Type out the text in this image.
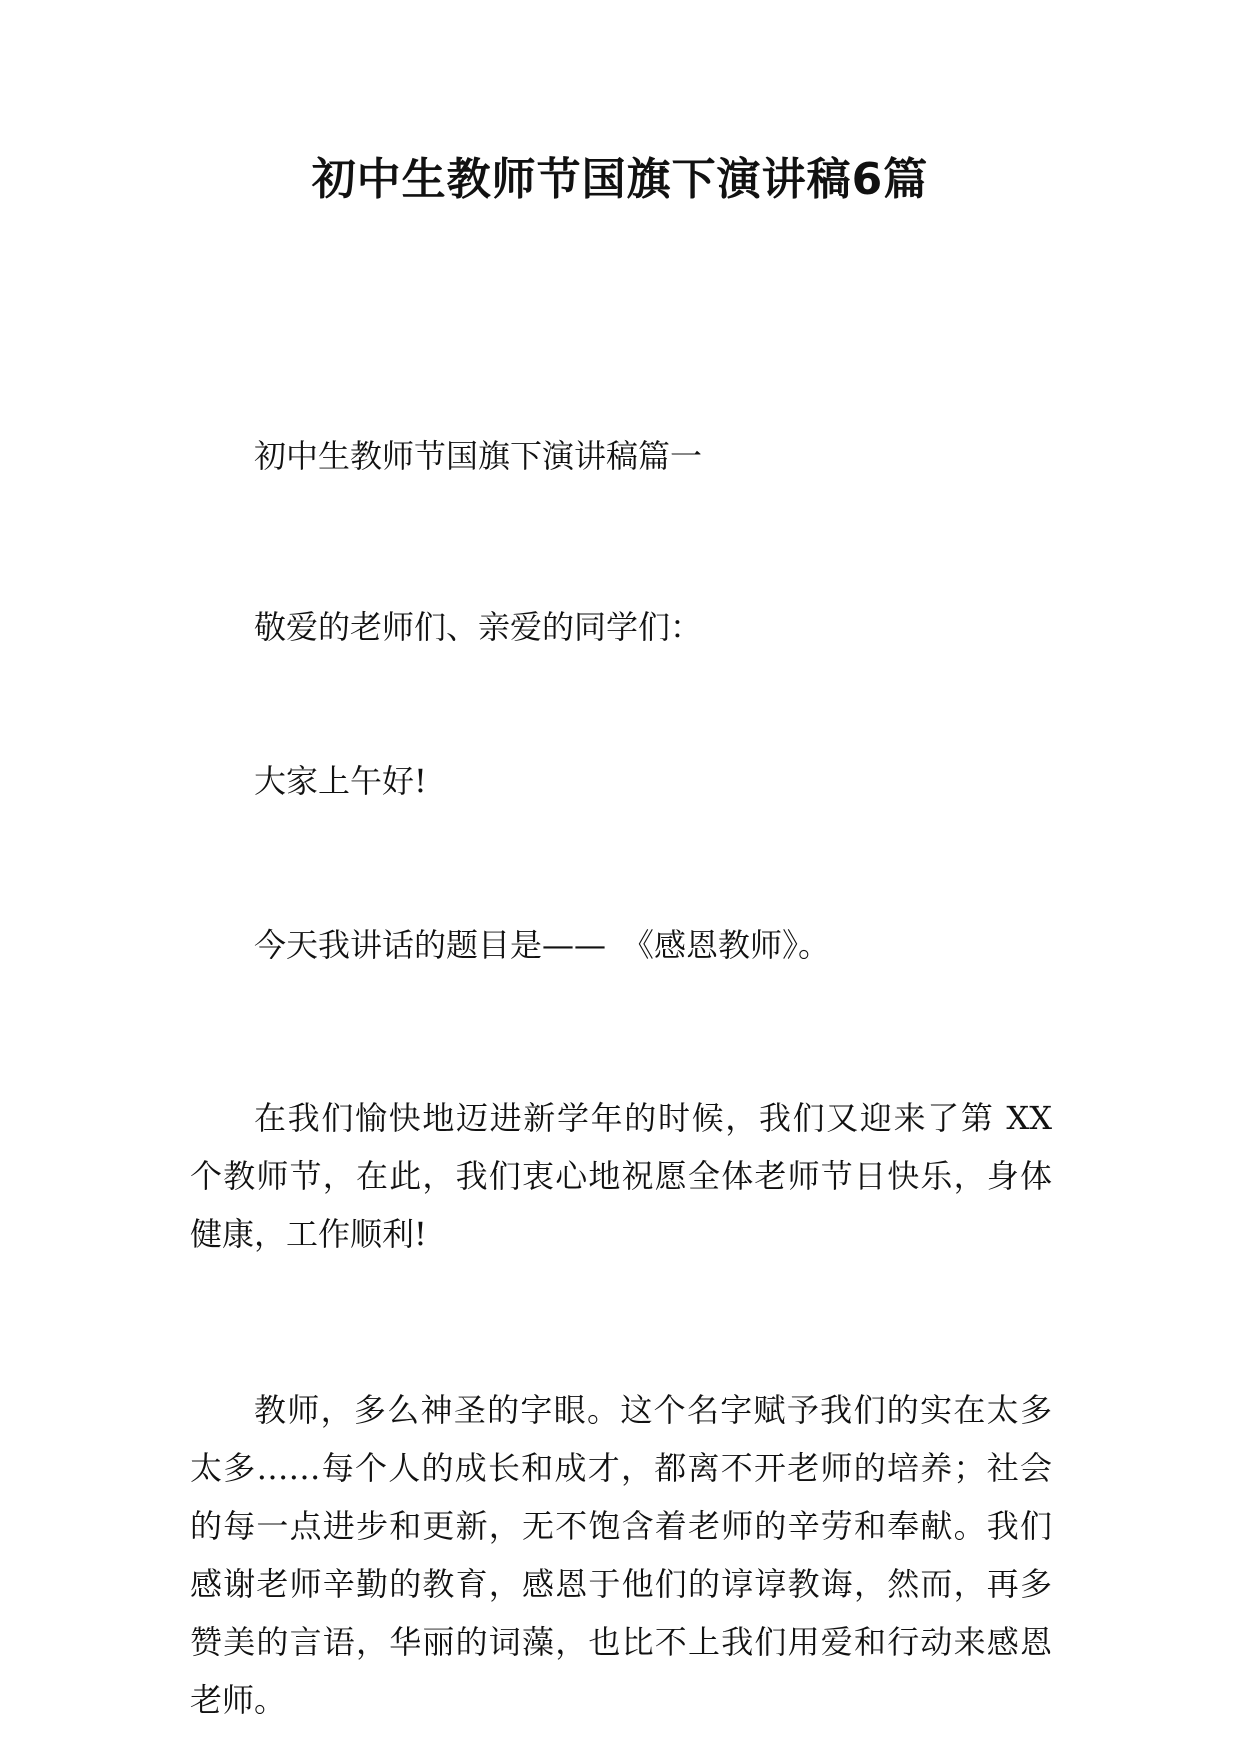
初中生教师节国旗下演讲稿6篇

初中生教师节国旗下演讲稿篇一

敬爱的老师们、亲爱的同学们：

大家上午好!

今天我讲话的题目是——　《感恩教师》。

在我们愉快地迈进新学年的时候，我们又迎来了第 XX 个教师节，在此，我们衷心地祝愿全体老师节日快乐，身体健康，工作顺利!

教师，多么神圣的字眼。这个名字赋予我们的实在太多太多……每个人的成长和成才，都离不开老师的培养；社会的每一点进步和更新，无不饱含着老师的辛劳和奉献。我们感谢老师辛勤的教育，感恩于他们的谆谆教诲，然而，再多赞美的言语，华丽的词藻，也比不上我们用爱和行动来感恩老师。
